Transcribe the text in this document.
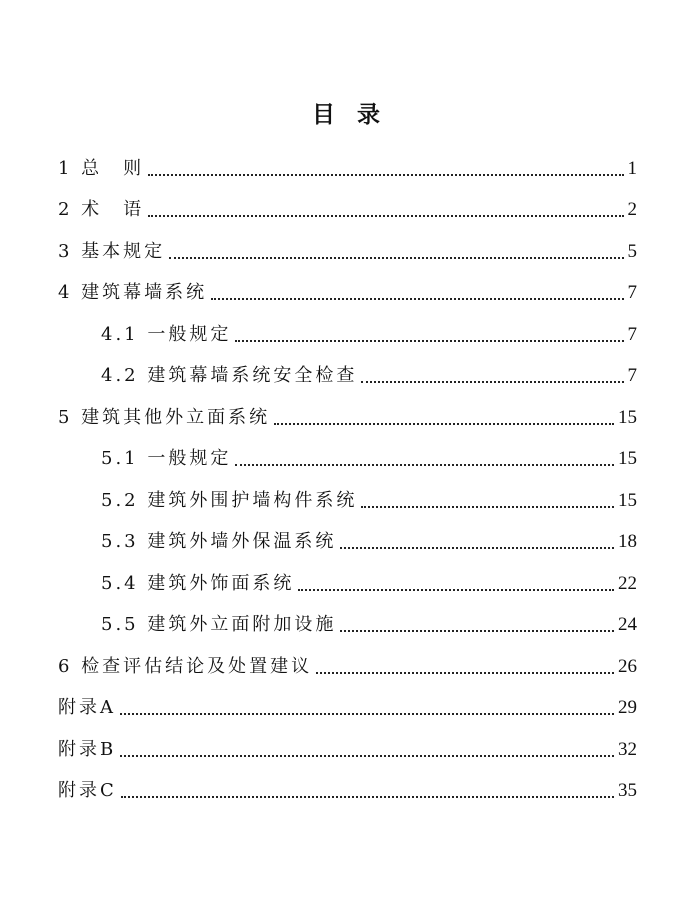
目 录
1 总　则	1
2 术　语	2
3 基本规定	5
4 建筑幕墙系统	7
4.1 一般规定	7
4.2 建筑幕墙系统安全检查	7
5 建筑其他外立面系统	15
5.1 一般规定	15
5.2 建筑外围护墙构件系统	15
5.3 建筑外墙外保温系统	18
5.4 建筑外饰面系统	22
5.5 建筑外立面附加设施	24
6 检查评估结论及处置建议	26
附录A	29
附录B	32
附录C	35
